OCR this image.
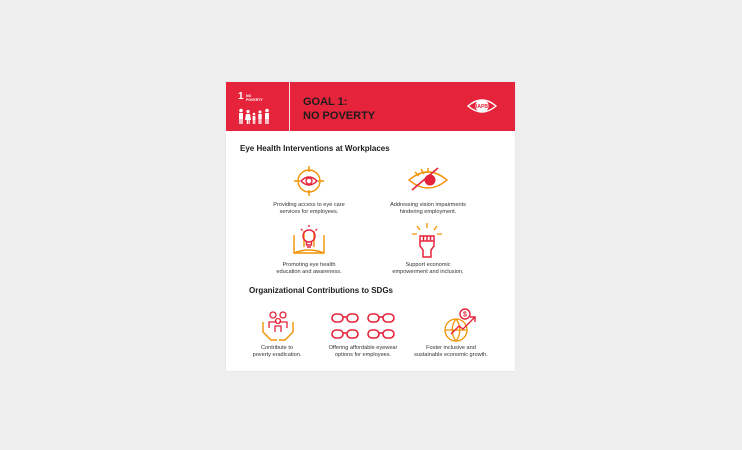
1 NO POVERTY	GOAL 1:
NO POVERTY
IAPB
Eye Health Interventions at Workplaces
Providing access to eye care
services for employees.
Addressing vision impairments
hindering employment.
Promoting eye health
education and awareness.
Support economic
empowerment and inclusion.
Organizational Contributions to SDGs
Contribute to
poverty eradication.
Offering affordable eyewear
options for employees.
$
Foster inclusive and
sustainable economic growth.
